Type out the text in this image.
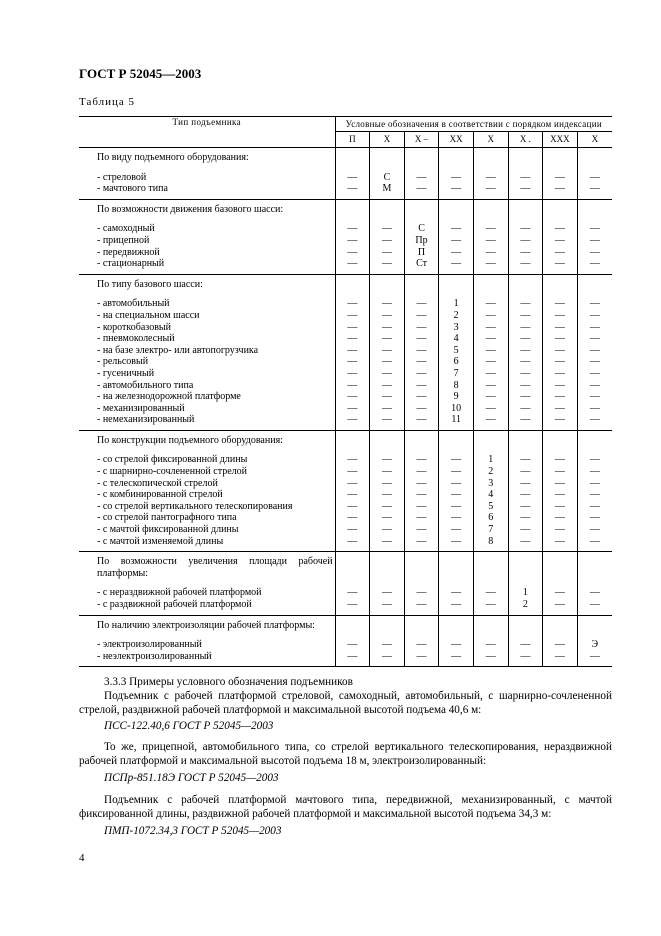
ГОСТ Р 52045—2003
Таблица 5
Тип подъемника	Условные обозначения в соответствии с порядком индексации							
	П	Х	Х –	ХХ	Х	Х .	ХХХ	Х
По виду подъемного оборудования:								

- стреловой	—	С	—	—	—	—	—	—
- мачтового типа	—	М	—	—	—	—	—	—

По возможности движения базового шасси:								

- самоходный	—	—	С	—	—	—	—	—
- прицепной	—	—	Пр	—	—	—	—	—
- передвижной	—	—	П	—	—	—	—	—
- стационарный	—	—	Ст	—	—	—	—	—

По типу базового шасси:								

- автомобильный	—	—	—	1	—	—	—	—
- на специальном шасси	—	—	—	2	—	—	—	—
- короткобазовый	—	—	—	3	—	—	—	—
- пневмоколесный	—	—	—	4	—	—	—	—
- на базе электро- или автопогрузчика	—	—	—	5	—	—	—	—
- рельсовый	—	—	—	6	—	—	—	—
- гусеничный	—	—	—	7	—	—	—	—
- автомобильного типа	—	—	—	8	—	—	—	—
- на железнодорожной платформе	—	—	—	9	—	—	—	—
- механизированный	—	—	—	10	—	—	—	—
- немеханизированный	—	—	—	11	—	—	—	—

По конструкции подъемного оборудования:								

- со стрелой фиксированной длины	—	—	—	—	1	—	—	—
- с шарнирно-сочлененной стрелой	—	—	—	—	2	—	—	—
- с телескопической стрелой	—	—	—	—	3	—	—	—
- с комбинированной стрелой	—	—	—	—	4	—	—	—
- со стрелой вертикального телескопирования	—	—	—	—	5	—	—	—
- со стрелой пантографного типа	—	—	—	—	6	—	—	—
- с мачтой фиксированной длины	—	—	—	—	7	—	—	—
- с мачтой изменяемой длины	—	—	—	—	8	—	—	—

По возможности увеличения площади рабочей платформы:								

- с нераздвижной рабочей платформой	—	—	—	—	—	1	—	—
- с раздвижной рабочей платформой	—	—	—	—	—	2	—	—

По наличию электроизоляции рабочей платформы:								

- электроизолированный	—	—	—	—	—	—	—	Э
- неэлектроизолированный	—	—	—	—	—	—	—	—

3.3.3 Примеры условного обозначения подъемников
Подъемник с рабочей платформой стреловой, самоходный, автомобильный, с шарнирно-сочлененной стрелой, раздвижной рабочей платформой и максимальной высотой подъема 40,6 м:
ПСС-122.40,6 ГОСТ Р 52045—2003
То же, прицепной, автомобильного типа, со стрелой вертикального телескопирования, нераздвижной рабочей платформой и максимальной высотой подъема 18 м, электроизолированный:
ПСПр-851.18Э ГОСТ Р 52045—2003
Подъемник с рабочей платформой мачтового типа, передвижной, механизированный, с мачтой фиксированной длины, раздвижной рабочей платформой и максимальной высотой подъема 34,3 м:
ПМП-1072.34,3 ГОСТ Р 52045—2003
4
